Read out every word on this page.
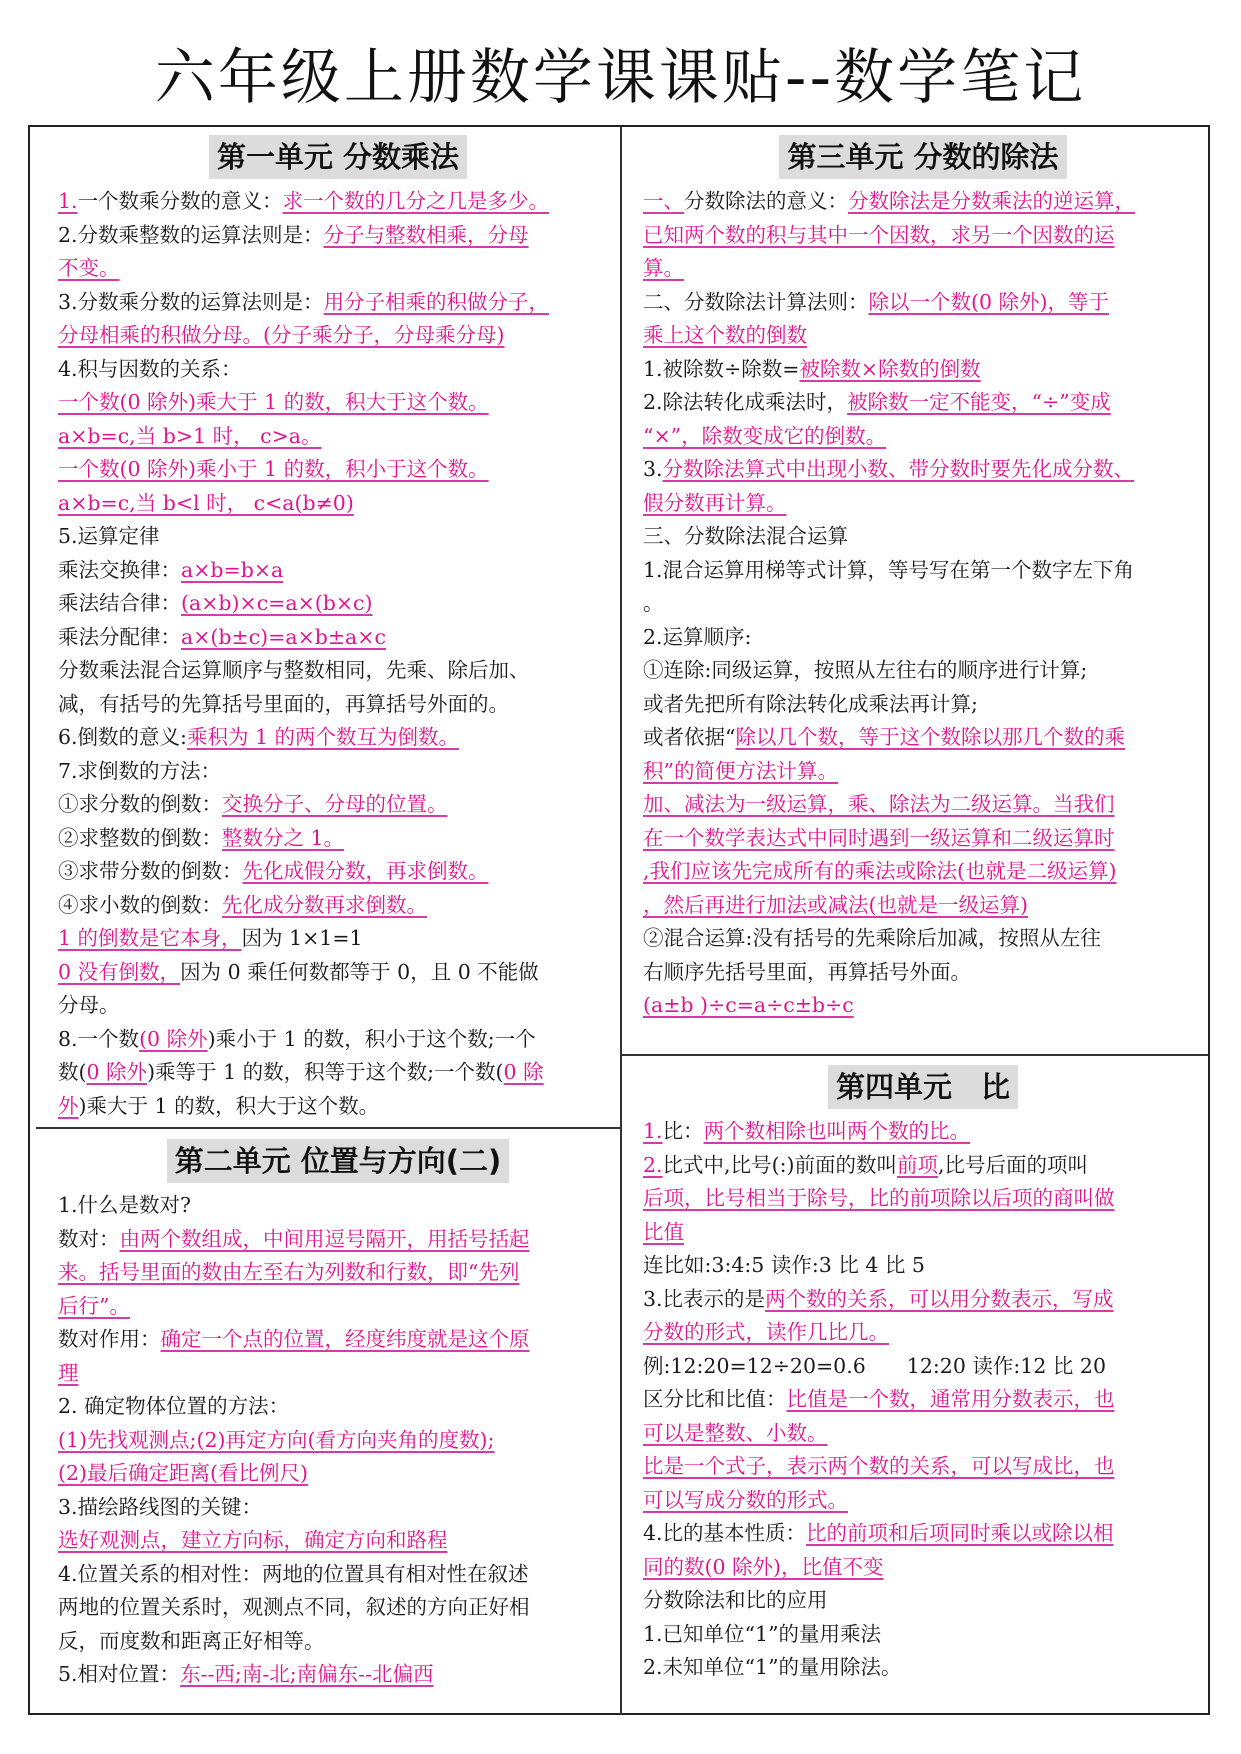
六年级上册数学课课贴--数学笔记
第一单元 分数乘法
1.一个数乘分数的意义：求一个数的几分之几是多少。
2.分数乘整数的运算法则是：分子与整数相乘，分母
不变。
3.分数乘分数的运算法则是：用分子相乘的积做分子，
分母相乘的积做分母。(分子乘分子，分母乘分母)
4.积与因数的关系：
一个数(0 除外)乘大于 1 的数，积大于这个数。
a×b=c,当 b>1 时， c>a。
一个数(0 除外)乘小于 1 的数，积小于这个数。
a×b=c,当 b<l 时， c<a(b≠0)
5.运算定律
乘法交换律：a×b=b×a
乘法结合律：(a×b)×c=a×(b×c)
乘法分配律：a×(b±c)=a×b±a×c
分数乘法混合运算顺序与整数相同，先乘、除后加、
减，有括号的先算括号里面的，再算括号外面的。
6.倒数的意义:乘积为 1 的两个数互为倒数。
7.求倒数的方法：
①求分数的倒数：交换分子、分母的位置。
②求整数的倒数：整数分之 1。
③求带分数的倒数：先化成假分数，再求倒数。
④求小数的倒数：先化成分数再求倒数。
1 的倒数是它本身，因为 1×1=1
0 没有倒数，因为 0 乘任何数都等于 0，且 0 不能做
分母。
8.一个数(0 除外)乘小于 1 的数，积小于这个数;一个
数(0 除外)乘等于 1 的数，积等于这个数;一个数(0 除
外)乘大于 1 的数，积大于这个数。
第二单元 位置与方向(二)
1.什么是数对?
数对：由两个数组成，中间用逗号隔开，用括号括起
来。括号里面的数由左至右为列数和行数，即“先列
后行”。
数对作用：确定一个点的位置，经度纬度就是这个原
理
2. 确定物体位置的方法：
(1)先找观测点;(2)再定方向(看方向夹角的度数);
(2)最后确定距离(看比例尺)
3.描绘路线图的关键：
选好观测点，建立方向标，确定方向和路程
4.位置关系的相对性：两地的位置具有相对性在叙述
两地的位置关系时，观测点不同，叙述的方向正好相
反，而度数和距离正好相等。
5.相对位置：东--西;南-北;南偏东--北偏西
第三单元 分数的除法
一、分数除法的意义：分数除法是分数乘法的逆运算，
已知两个数的积与其中一个因数，求另一个因数的运
算。
二、分数除法计算法则：除以一个数(0 除外)，等于
乘上这个数的倒数
1.被除数÷除数=被除数×除数的倒数
2.除法转化成乘法时，被除数一定不能变，“÷”变成
“×”，除数变成它的倒数。
3.分数除法算式中出现小数、带分数时要先化成分数、
假分数再计算。
三、分数除法混合运算
1.混合运算用梯等式计算，等号写在第一个数字左下角
。
2.运算顺序:
①连除:同级运算，按照从左往右的顺序进行计算;
或者先把所有除法转化成乘法再计算;
或者依据“除以几个数，等于这个数除以那几个数的乘
积”的简便方法计算。
加、减法为一级运算，乘、除法为二级运算。当我们
在一个数学表达式中同时遇到一级运算和二级运算时
,我们应该先完成所有的乘法或除法(也就是二级运算)
，然后再进行加法或减法(也就是一级运算)
②混合运算:没有括号的先乘除后加减，按照从左往
右顺序先括号里面，再算括号外面。
(a±b )÷c=a÷c±b÷c
第四单元　比
1.比：两个数相除也叫两个数的比。
2.比式中,比号(:)前面的数叫前项,比号后面的项叫
后项，比号相当于除号，比的前项除以后项的商叫做
比值
连比如:3:4:5 读作:3 比 4 比 5
3.比表示的是两个数的关系，可以用分数表示，写成
分数的形式，读作几比几。
例:12:20=12÷20=0.6　　12:20 读作:12 比 20
区分比和比值：比值是一个数，通常用分数表示，也
可以是整数、小数。
比是一个式子，表示两个数的关系，可以写成比，也
可以写成分数的形式。
4.比的基本性质：比的前项和后项同时乘以或除以相
同的数(0 除外)，比值不变
分数除法和比的应用
1.已知单位“1”的量用乘法
2.未知单位“1”的量用除法。
